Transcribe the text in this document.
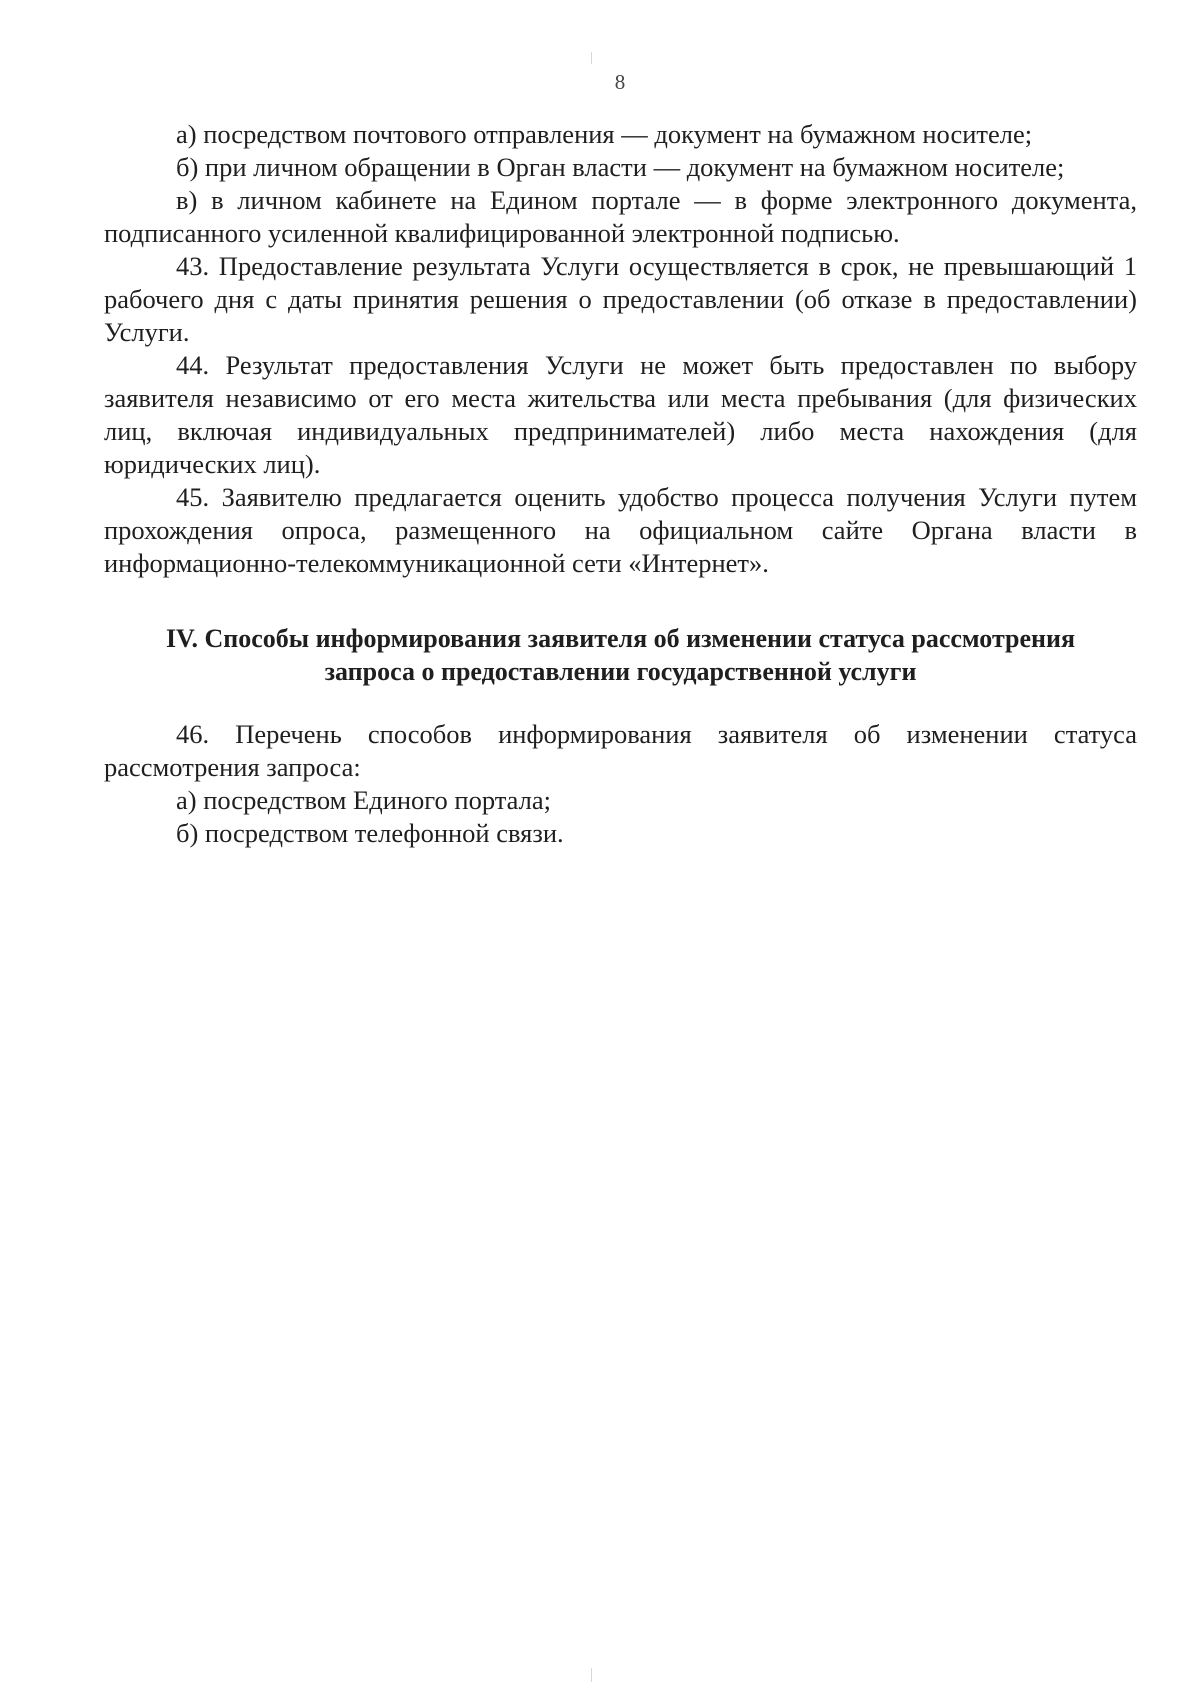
8

а) посредством почтового отправления — документ на бумажном носителе;

б) при личном обращении в Орган власти — документ на бумажном носителе;

в) в личном кабинете на Едином портале — в форме электронного документа, подписанного усиленной квалифицированной электронной подписью.

43. Предоставление результата Услуги осуществляется в срок, не превышающий 1 рабочего дня с даты принятия решения о предоставлении (об отказе в предоставлении) Услуги.

44. Результат предоставления Услуги не может быть предоставлен по выбору заявителя независимо от его места жительства или места пребывания (для физических лиц, включая индивидуальных предпринимателей) либо места нахождения (для юридических лиц).

45. Заявителю предлагается оценить удобство процесса получения Услуги путем прохождения опроса, размещенного на официальном сайте Органа власти в информационно-телекоммуникационной сети «Интернет».

IV. Способы информирования заявителя об изменении статуса рассмотрения
запроса о предоставлении государственной услуги

46. Перечень способов информирования заявителя об изменении статуса рассмотрения запроса:

а) посредством Единого портала;

б) посредством телефонной связи.
